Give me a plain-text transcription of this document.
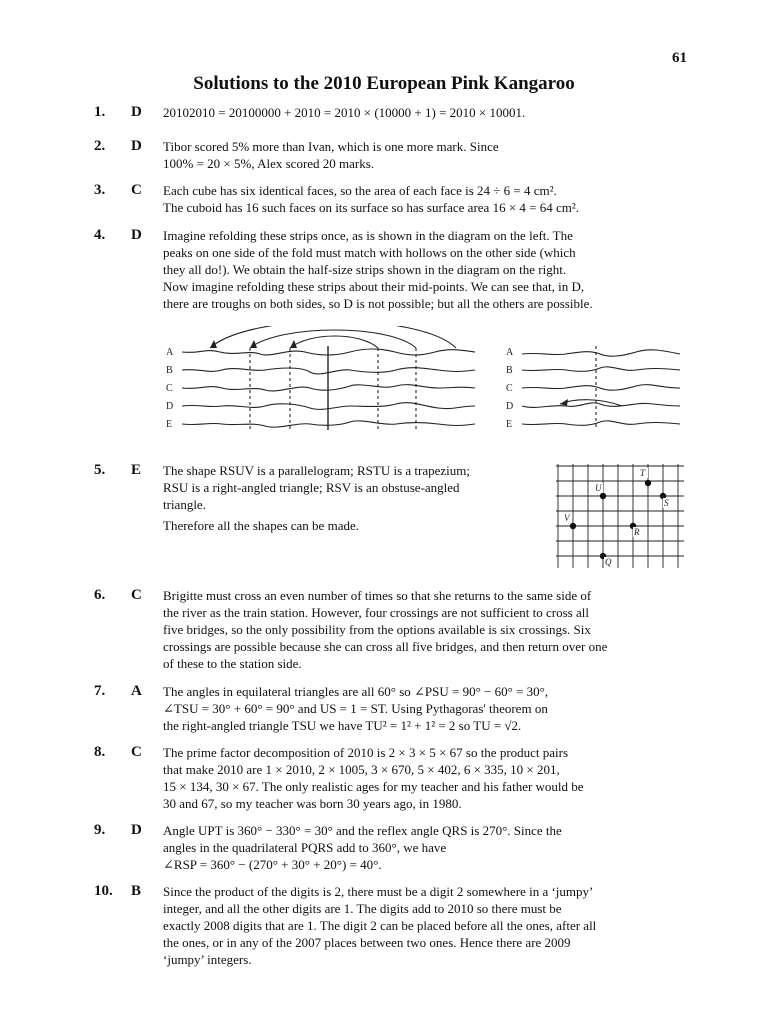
61
Solutions to the 2010 European Pink Kangaroo
1. D 20102010 = 20100000 + 2010 = 2010 × (10000 + 1) = 2010 × 10001.
2. D Tibor scored 5% more than Ivan, which is one more mark. Since
100% = 20 × 5%, Alex scored 20 marks.
3. C Each cube has six identical faces, so the area of each face is 24 ÷ 6 = 4 cm².
The cuboid has 16 such faces on its surface so has surface area 16 × 4 = 64 cm².
4. D Imagine refolding these strips once, as is shown in the diagram on the left. The
peaks on one side of the fold must match with hollows on the other side (which
they all do!). We obtain the half-size strips shown in the diagram on the right.
Now imagine refolding these strips about their mid-points. We can see that, in D,
there are troughs on both sides, so D is not possible; but all the others are possible.
A
B
C
D
E
A
B
C
D
E
5. E The shape RSUV is a parallelogram; RSTU is a trapezium;
RSU is a right-angled triangle; RSV is an obstuse-angled
triangle.
Therefore all the shapes can be made.
T
U
S
V
R
Q
6. C Brigitte must cross an even number of times so that she returns to the same side of
the river as the train station. However, four crossings are not sufficient to cross all
five bridges, so the only possibility from the options available is six crossings. Six
crossings are possible because she can cross all five bridges, and then return over one
of these to the station side.
7. A The angles in equilateral triangles are all 60° so ∠PSU = 90° − 60° = 30°,
∠TSU = 30° + 60° = 90° and US = 1 = ST. Using Pythagoras' theorem on
the right-angled triangle TSU we have TU² = 1² + 1² = 2 so TU = √2.
8. C The prime factor decomposition of 2010 is 2 × 3 × 5 × 67 so the product pairs
that make 2010 are 1 × 2010, 2 × 1005, 3 × 670, 5 × 402, 6 × 335, 10 × 201,
15 × 134, 30 × 67. The only realistic ages for my teacher and his father would be
30 and 67, so my teacher was born 30 years ago, in 1980.
9. D Angle UPT is 360° − 330° = 30° and the reflex angle QRS is 270°. Since the
angles in the quadrilateral PQRS add to 360°, we have
∠RSP = 360° − (270° + 30° + 20°) = 40°.
10. B Since the product of the digits is 2, there must be a digit 2 somewhere in a ‘jumpy’
integer, and all the other digits are 1. The digits add to 2010 so there must be
exactly 2008 digits that are 1. The digit 2 can be placed before all the ones, after all
the ones, or in any of the 2007 places between two ones. Hence there are 2009
‘jumpy’ integers.
